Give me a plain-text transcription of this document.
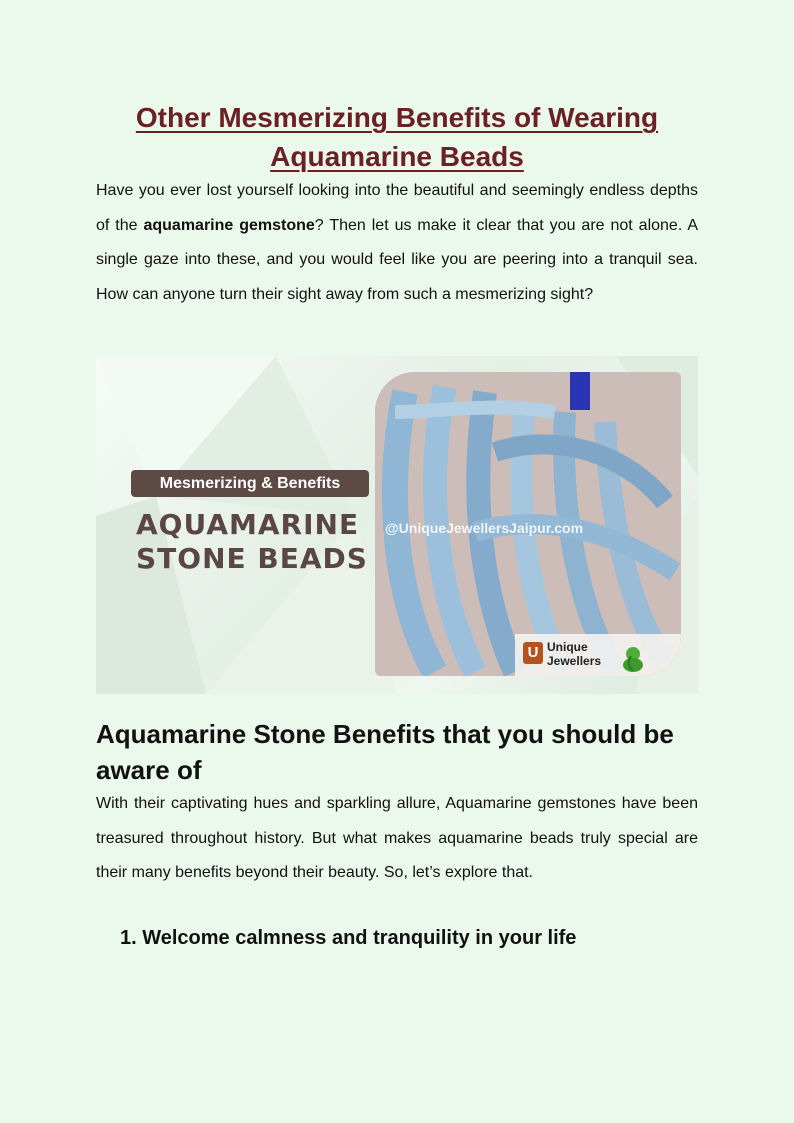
Other Mesmerizing Benefits of Wearing
Aquamarine Beads

Have you ever lost yourself looking into the beautiful and seemingly endless depths of the aquamarine gemstone? Then let us make it clear that you are not alone. A single gaze into these, and you would feel like you are peering into a tranquil sea. How can anyone turn their sight away from such a mesmerizing sight?

Mesmerizing & Benefits
AQUAMARINE
STONE BEADS
@UniqueJewellersJaipur.com
U Unique
Jewellers
Aquamarine Stone Benefits that you should be aware of

With their captivating hues and sparkling allure, Aquamarine gemstones have been treasured throughout history. But what makes aquamarine beads truly special are their many benefits beyond their beauty. So, let’s explore that.

1. Welcome calmness and tranquility in your life
